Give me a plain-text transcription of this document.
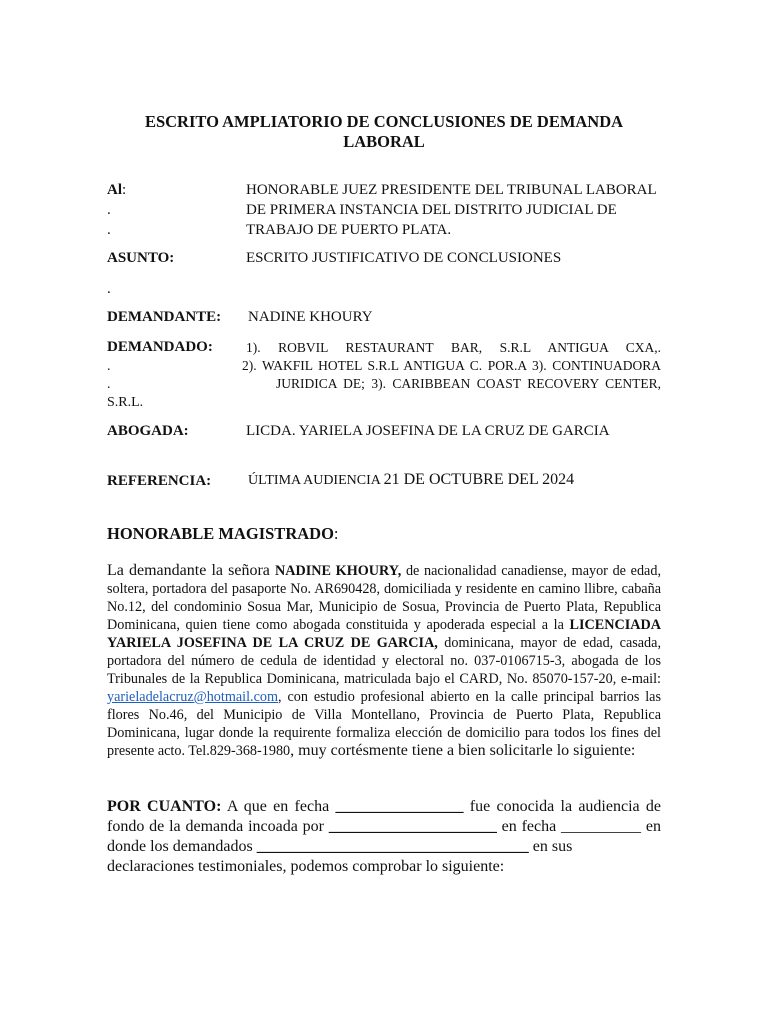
ESCRITO AMPLIATORIO DE CONCLUSIONES DE DEMANDA LABORAL
Al:
.
.
HONORABLE JUEZ PRESIDENTE DEL TRIBUNAL LABORAL
DE PRIMERA INSTANCIA DEL DISTRITO JUDICIAL DE
TRABAJO DE PUERTO PLATA.
ASUNTO:	ESCRITO JUSTIFICATIVO DE CONCLUSIONES
.
DEMANDANTE: NADINE KHOURY
DEMANDADO:
.
.
1). ROBVIL RESTAURANT BAR, S.R.L ANTIGUA CXA,.
2). WAKFIL HOTEL S.R.L ANTIGUA C. POR.A 3). CONTINUADORA
JURIDICA DE; 3). CARIBBEAN COAST RECOVERY CENTER,
S.R.L.
ABOGADA:	LICDA. YARIELA JOSEFINA DE LA CRUZ DE GARCIA
REFERENCIA:	ÚLTIMA AUDIENCIA 21 DE OCTUBRE DEL 2024
HONORABLE MAGISTRADO:
La demandante la señora NADINE KHOURY, de nacionalidad canadiense, mayor de edad, soltera, portadora del pasaporte No. AR690428, domiciliada y residente en camino llibre, cabaña No.12, del condominio Sosua Mar, Municipio de Sosua, Provincia de Puerto Plata, Republica Dominicana, quien tiene como abogada constituida y apoderada especial a la LICENCIADA YARIELA JOSEFINA DE LA CRUZ DE GARCIA, dominicana, mayor de edad, casada, portadora del número de cedula de identidad y electoral no. 037-0106715-3, abogada de los Tribunales de la Republica Dominicana, matriculada bajo el CARD, No. 85070-157-20, e-mail: yarieladelacruz@hotmail.com, con estudio profesional abierto en la calle principal barrios las flores No.46, del Municipio de Villa Montellano, Provincia de Puerto Plata, Republica Dominicana, lugar donde la requirente formaliza elección de domicilio para todos los fines del presente acto. Tel.829-368-1980, muy cortésmente tiene a bien solicitarle lo siguiente:
POR CUANTO: A que en fecha ________________ fue conocida la audiencia de fondo de la demanda incoada por _____________________ en fecha __________ en donde los demandados __________________________________ en sus
declaraciones testimoniales, podemos comprobar lo siguiente:
